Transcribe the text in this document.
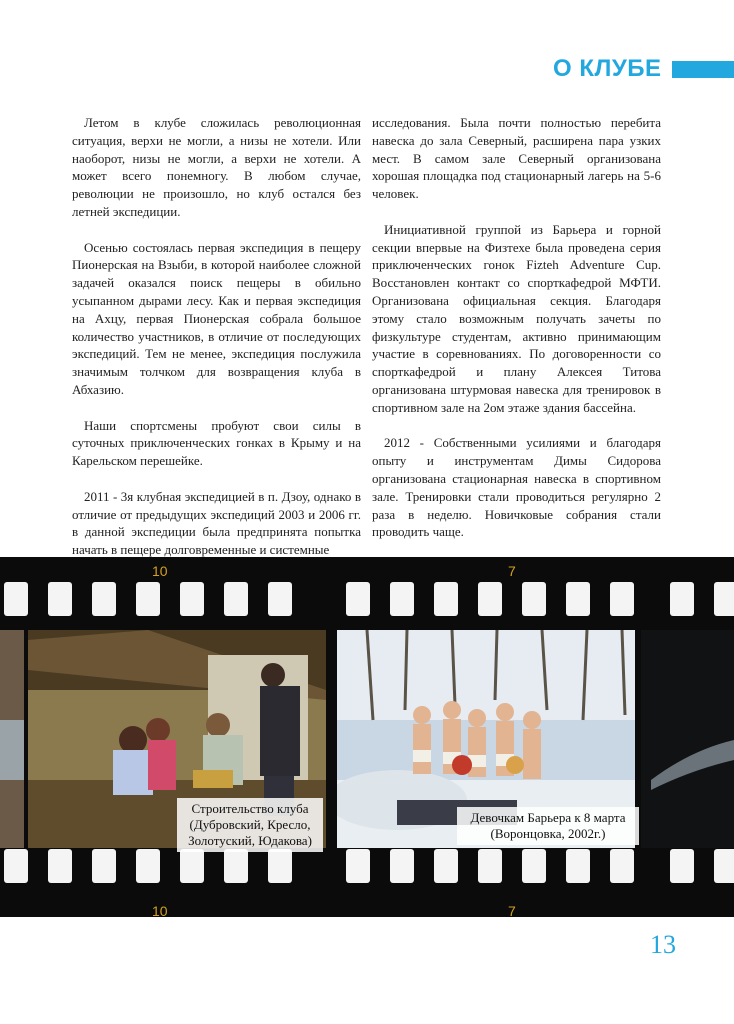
О КЛУБЕ

Летом в клубе сложилась революционная ситуация, верхи не могли, а низы не хотели. Или наоборот, низы не могли, а верхи не хотели. А может всего понемногу. В любом случае, революции не произошло, но клуб остался без летней экспедиции.

Осенью состоялась первая экспедиция в пещеру Пионерская на Взыби, в которой наиболее сложной задачей оказался поиск пещеры в обильно усыпанном дырами лесу. Как и первая экспедиция на Ахцу, первая Пионерская собрала большое количество участников, в отличие от последующих экспедиций. Тем не менее, экспедиция послужила значимым толчком для возвращения клуба в Абхазию.

Наши спортсмены пробуют свои силы в суточных приключенческих гонках в Крыму и на Карельском перешейке.

2011 - 3я клубная экспедицией в п. Дзоу, однако в отличие от предыдущих экспедиций 2003 и 2006 гг. в данной экспедиции была предпринята попытка начать в пещере долговременные и системные

исследования. Была почти полностью перебита навеска до зала Северный, расширена пара узких мест. В самом зале Северный организована хорошая площадка под стационарный лагерь на 5-6 человек.

Инициативной группой из Барьера и горной секции впервые на Физтехе была проведена серия приключенческих гонок Fizteh Adventure Cup. Восстановлен контакт со спорткафедрой МФТИ. Организована официальная секция. Благодаря этому стало возможным получать зачеты по физкультуре студентам, активно принимающим участие в соревнованиях. По договоренности со спорткафедрой и плану Алексея Титова организована штурмовая навеска для тренировок в спортивном зале на 2ом этаже здания бассейна.

2012 - Собственными усилиями и благодаря опыту и инструментам Димы Сидорова организована стационарная навеска в спортивном зале. Тренировки стали проводиться регулярно 2 раза в неделю. Новичковые собрания стали проводить чаще.

10	7
10	7
Строительство клуба
(Дубровский, Кресло,
Золотуский, Юдакова)
Девочкам Барьера к 8 марта
(Воронцовка, 2002г.)
13
